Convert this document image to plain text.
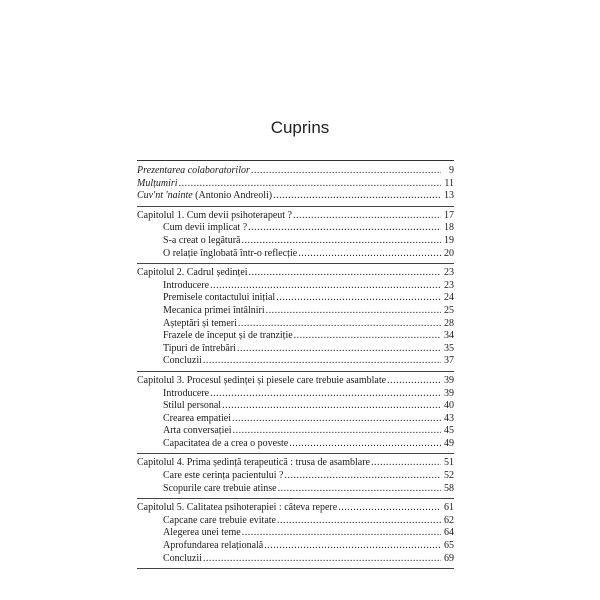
Cuprins
Prezentarea colaboratorilor .....	9
Mulțumiri .....	11
Cuv'nt 'nainte (Antonio Andreoli) .....	13
Capitolul 1. Cum devii psihoterapeut ? .....	17
Cum devii implicat ? .....	18
S-a creat o legătură .....	19
O relație înglobată într-o reflecție .....	20
Capitolul 2. Cadrul ședinței .....	23
Introducere .....	23
Premisele contactului inițial .....	24
Mecanica primei întâlniri .....	25
Așteptări și temeri .....	28
Frazele de început și de tranziție .....	34
Tipuri de întrebări .....	35
Concluzii .....	37
Capitolul 3. Procesul ședinței și piesele care trebuie asamblate .....	39
Introducere .....	39
Stilul personal .....	40
Crearea empatiei .....	43
Arta conversației .....	45
Capacitatea de a crea o poveste .....	49
Capitolul 4. Prima ședință terapeutică : trusa de asamblare .....	51
Care este cerința pacientului ? .....	52
Scopurile care trebuie atinse .....	58
Capitolul 5. Calitatea psihoterapiei : câteva repere .....	61
Capcane care trebuie evitate .....	62
Alegerea unei teme .....	64
Aprofundarea relațională .....	65
Concluzii .....	69
